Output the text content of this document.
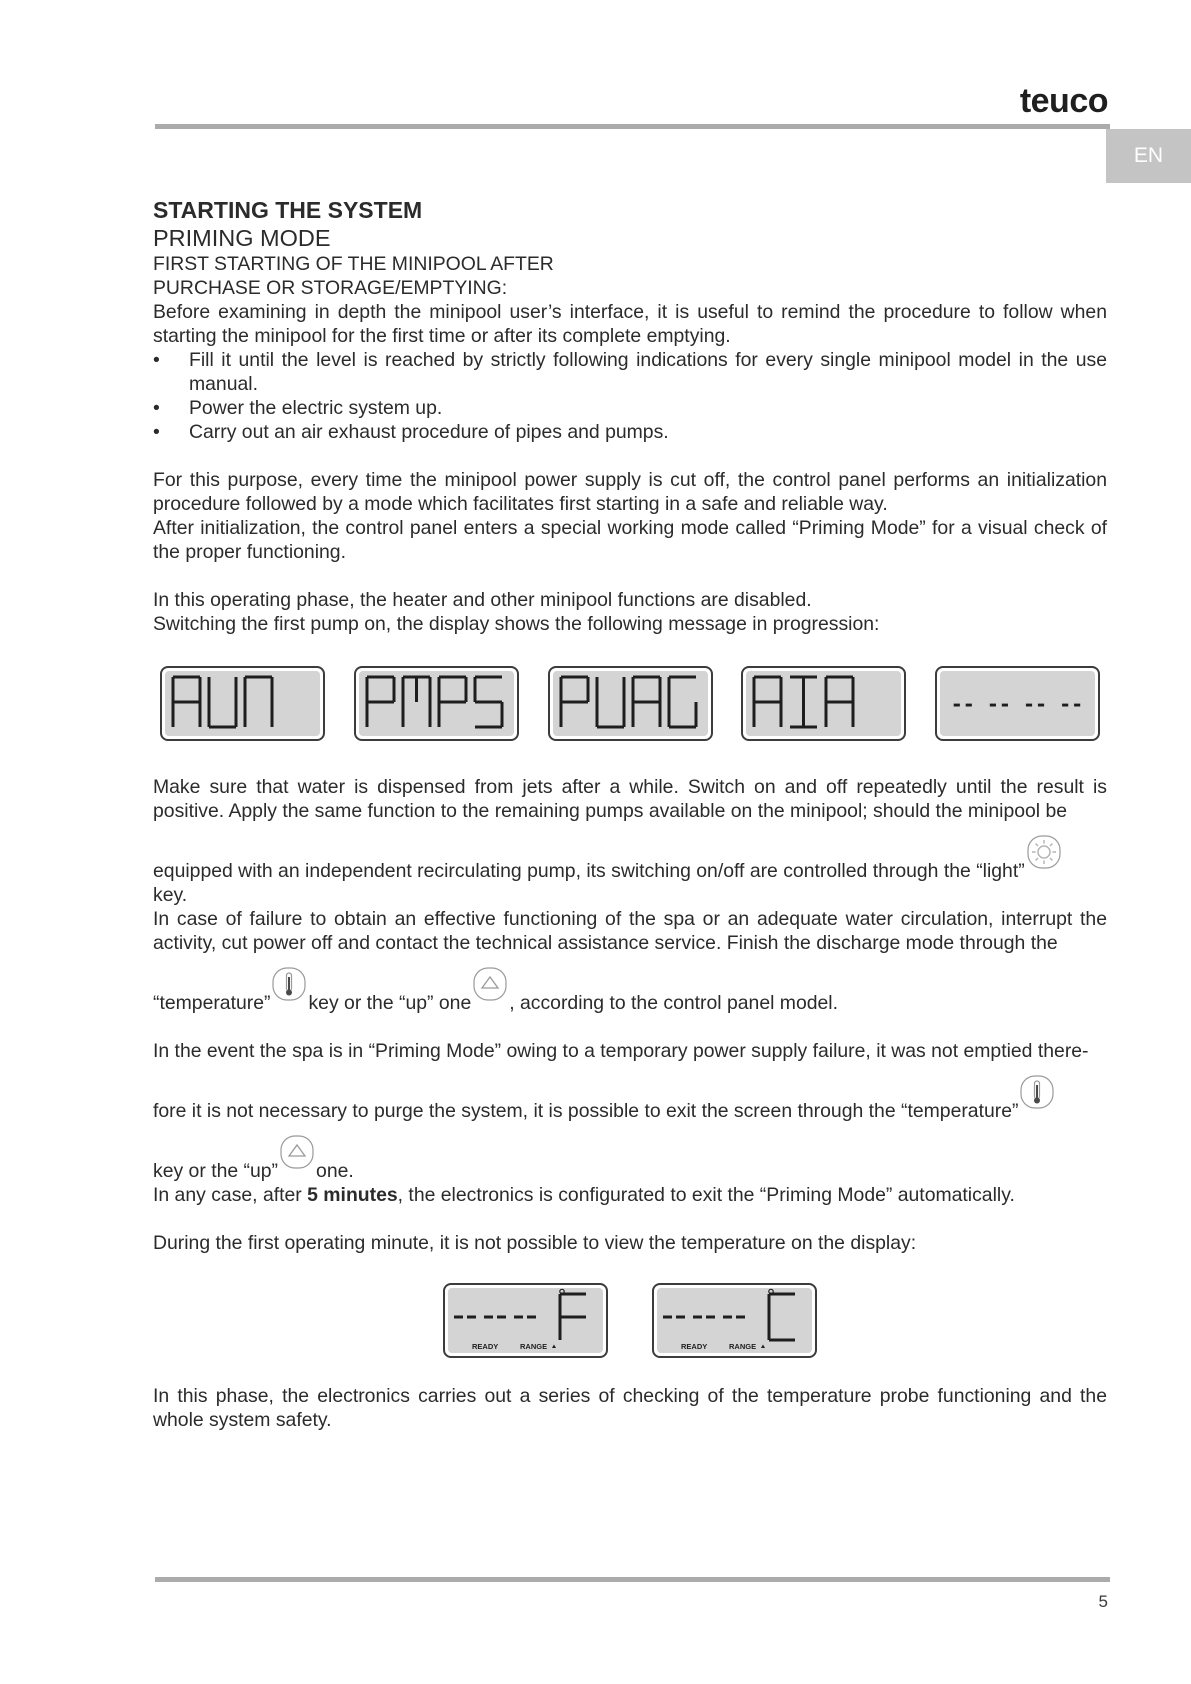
teuco
EN

STARTING THE SYSTEM

PRIMING MODE

FIRST STARTING OF THE MINIPOOL AFTER

PURCHASE OR STORAGE/EMPTYING:

Before examining in depth the minipool user’s interface, it is useful to remind the procedure to follow when starting the minipool for the first time or after its complete emptying.

• Fill it until the level is reached by strictly following indications for every single minipool model in the use manual.
• Power the electric system up.
• Carry out an air exhaust procedure of pipes and pumps.

For this purpose, every time the minipool power supply is cut off, the control panel performs an initialization procedure followed by a mode which facilitates first starting in a safe and reliable way.

After initialization, the control panel enters a special working mode called “Priming Mode” for a visual check of the proper functioning.

In this operating phase, the heater and other minipool functions are disabled.

Switching the first pump on, the display shows the following message in progression:

-- -- -- --

Make sure that water is dispensed from jets after a while. Switch on and off repeatedly until the result is positive. Apply the same function to the remaining pumps available on the minipool; should the minipool be

equipped with an independent recirculating pump, its switching on/off are controlled through the “light”

key.

In case of failure to obtain an effective functioning of the spa or an adequate water circulation, interrupt the activity, cut power off and contact the technical assistance service. Finish the discharge mode through the

“temperature” key or the “up” one , according to the control panel model.

In the event the spa is in “Priming Mode” owing to a temporary power supply failure, it was not emptied there-

fore it is not necessary to purge the system, it is possible to exit the screen through the “temperature”

key or the “up” one.

In any case, after 5 minutes, the electronics is configurated to exit the “Priming Mode” automatically.

During the first operating minute, it is not possible to view the temperature on the display:

READY	RANGE	READY	RANGE

In this phase, the electronics carries out a series of checking of the temperature probe functioning and the whole system safety.

5
